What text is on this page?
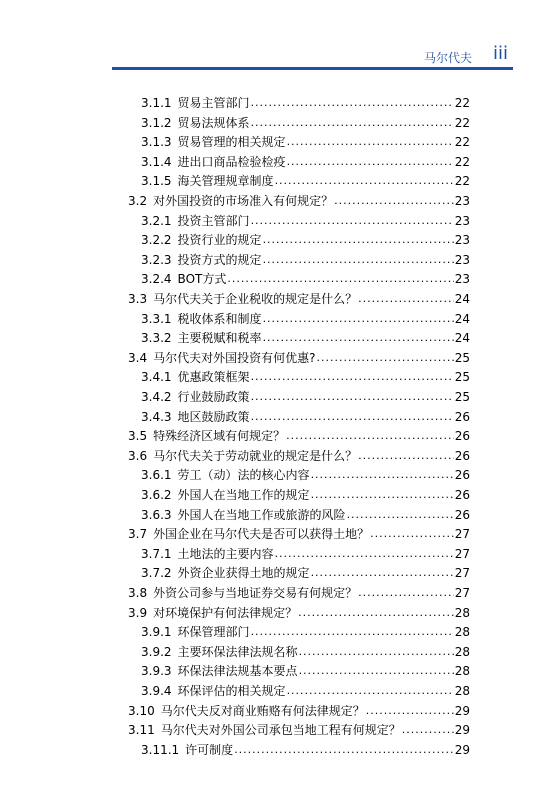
马尔代夫 iii
3.1.1 贸易主管部门 .....	22
3.1.2 贸易法规体系 .....	22
3.1.3 贸易管理的相关规定 .....	22
3.1.4 进出口商品检验检疫 .....	22
3.1.5 海关管理规章制度 .....	22
3.2 对外国投资的市场准入有何规定？ .....	23
3.2.1 投资主管部门 .....	23
3.2.2 投资行业的规定 .....	23
3.2.3 投资方式的规定 .....	23
3.2.4 BOT方式 .....	23
3.3 马尔代夫关于企业税收的规定是什么？ .....	24
3.3.1 税收体系和制度 .....	24
3.3.2 主要税赋和税率 .....	24
3.4 马尔代夫对外国投资有何优惠? .....	25
3.4.1 优惠政策框架 .....	25
3.4.2 行业鼓励政策 .....	25
3.4.3 地区鼓励政策 .....	26
3.5 特殊经济区域有何规定？ .....	26
3.6 马尔代夫关于劳动就业的规定是什么？ .....	26
3.6.1 劳工（动）法的核心内容 .....	26
3.6.2 外国人在当地工作的规定 .....	26
3.6.3 外国人在当地工作或旅游的风险 .....	26
3.7 外国企业在马尔代夫是否可以获得土地？ .....	27
3.7.1 土地法的主要内容 .....	27
3.7.2 外资企业获得土地的规定 .....	27
3.8 外资公司参与当地证券交易有何规定？ .....	27
3.9 对环境保护有何法律规定？ .....	28
3.9.1 环保管理部门 .....	28
3.9.2 主要环保法律法规名称 .....	28
3.9.3 环保法律法规基本要点 .....	28
3.9.4 环保评估的相关规定 .....	28
3.10 马尔代夫反对商业贿赂有何法律规定？ .....	29
3.11 马尔代夫对外国公司承包当地工程有何规定？ .....	29
3.11.1 许可制度 .....	29
